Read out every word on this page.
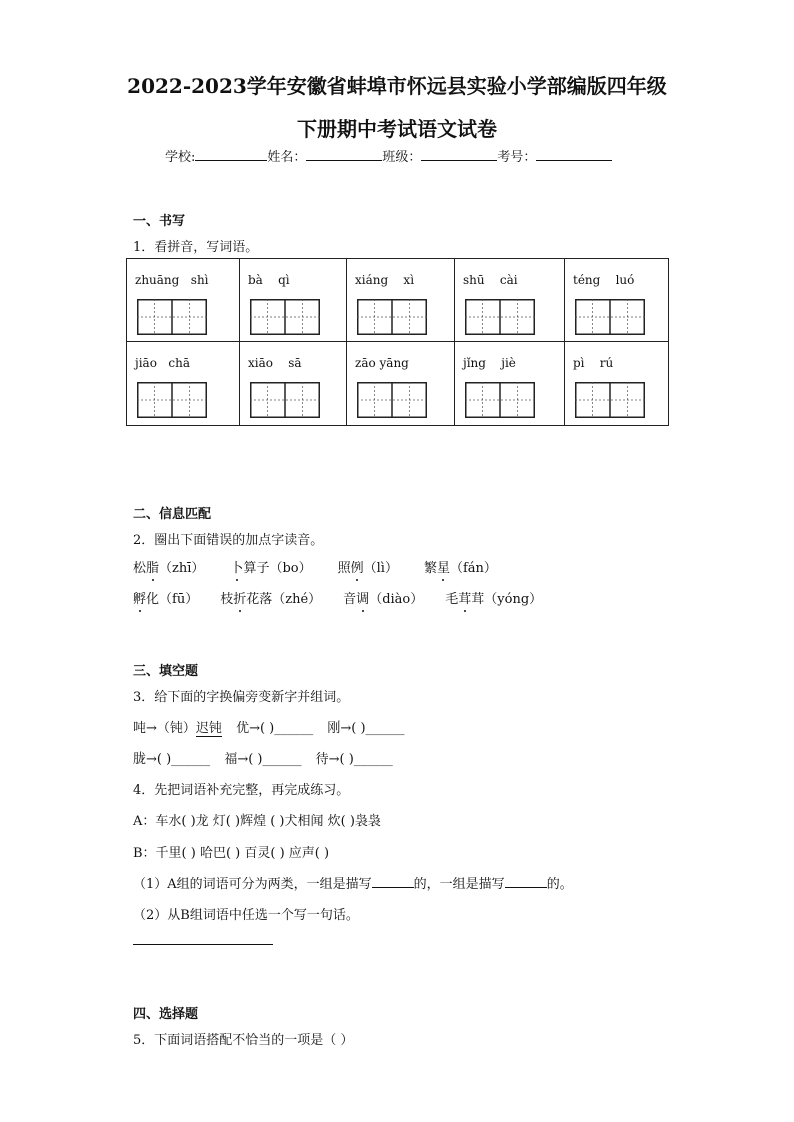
2022-2023学年安徽省蚌埠市怀远县实验小学部编版四年级
下册期中考试语文试卷
学校:	姓名：	班级：	考号：
一、书写
1．看拼音，写词语。
zhuāng   shì	bà    qì	xiáng    xì	shū    cài	téng    luó
jiāo   chā	xiāo    sā	zāo yāng	jǐng    jiè	pì    rú
二、信息匹配
2．圈出下面错误的加点字读音。
松脂（zhī） 卜算子（bo） 照例（lì） 繁星（fán）
孵化（fū） 枝折花落（zhé） 音调（diào） 毛茸茸（yóng）
三、填空题
3．给下面的字换偏旁变新字并组词。
吨→（钝）迟钝 优→( )______ 刚→( )______
胧→( )______ 福→( )______ 待→( )______
4．先把词语补充完整，再完成练习。
A：车水( )龙 灯( )辉煌 ( )犬相闻 炊( )袅袅
B：千里( ) 哈巴( ) 百灵( ) 应声( )
（1）A组的词语可分为两类，一组是描写	的，一组是描写	的。
（2）从B组词语中任选一个写一句话。
四、选择题
5．下面词语搭配不恰当的一项是（ ）
